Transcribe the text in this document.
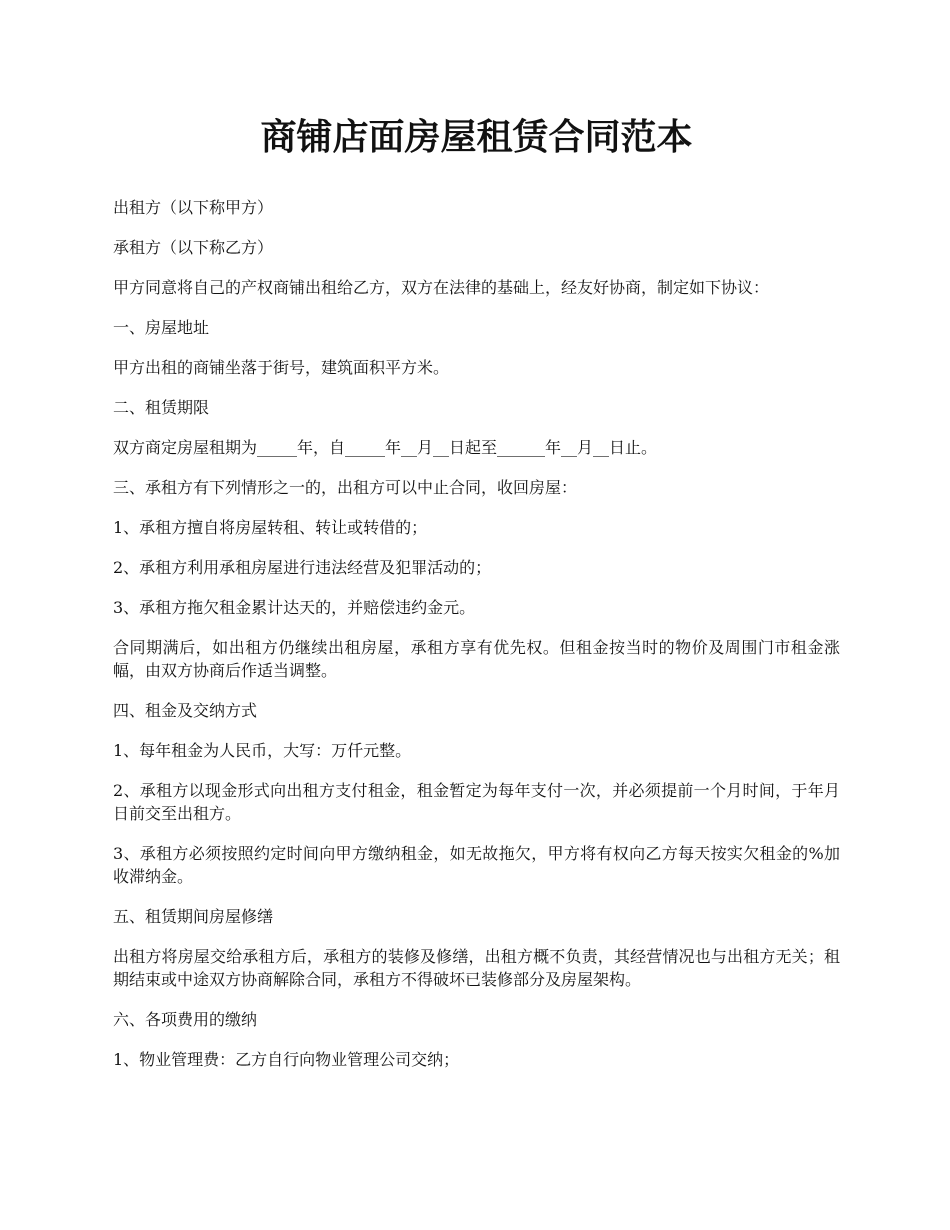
商铺店面房屋租赁合同范本

出租方（以下称甲方）

承租方（以下称乙方）

甲方同意将自己的产权商铺出租给乙方，双方在法律的基础上，经友好协商，制定如下协议：

一、房屋地址

甲方出租的商铺坐落于街号，建筑面积平方米。

二、租赁期限

双方商定房屋租期为_____年，自_____年__月__日起至______年__月__日止。

三、承租方有下列情形之一的，出租方可以中止合同，收回房屋：

1、承租方擅自将房屋转租、转让或转借的；

2、承租方利用承租房屋进行违法经营及犯罪活动的；

3、承租方拖欠租金累计达天的，并赔偿违约金元。

合同期满后，如出租方仍继续出租房屋，承租方享有优先权。但租金按当时的物价及周围门市租金涨幅，由双方协商后作适当调整。

四、租金及交纳方式

1、每年租金为人民币，大写：万仟元整。

2、承租方以现金形式向出租方支付租金，租金暂定为每年支付一次，并必须提前一个月时间，于年月日前交至出租方。

3、承租方必须按照约定时间向甲方缴纳租金，如无故拖欠，甲方将有权向乙方每天按实欠租金的%加收滞纳金。

五、租赁期间房屋修缮

出租方将房屋交给承租方后，承租方的装修及修缮，出租方概不负责，其经营情况也与出租方无关；租期结束或中途双方协商解除合同，承租方不得破坏已装修部分及房屋架构。

六、各项费用的缴纳

1、物业管理费：乙方自行向物业管理公司交纳；
